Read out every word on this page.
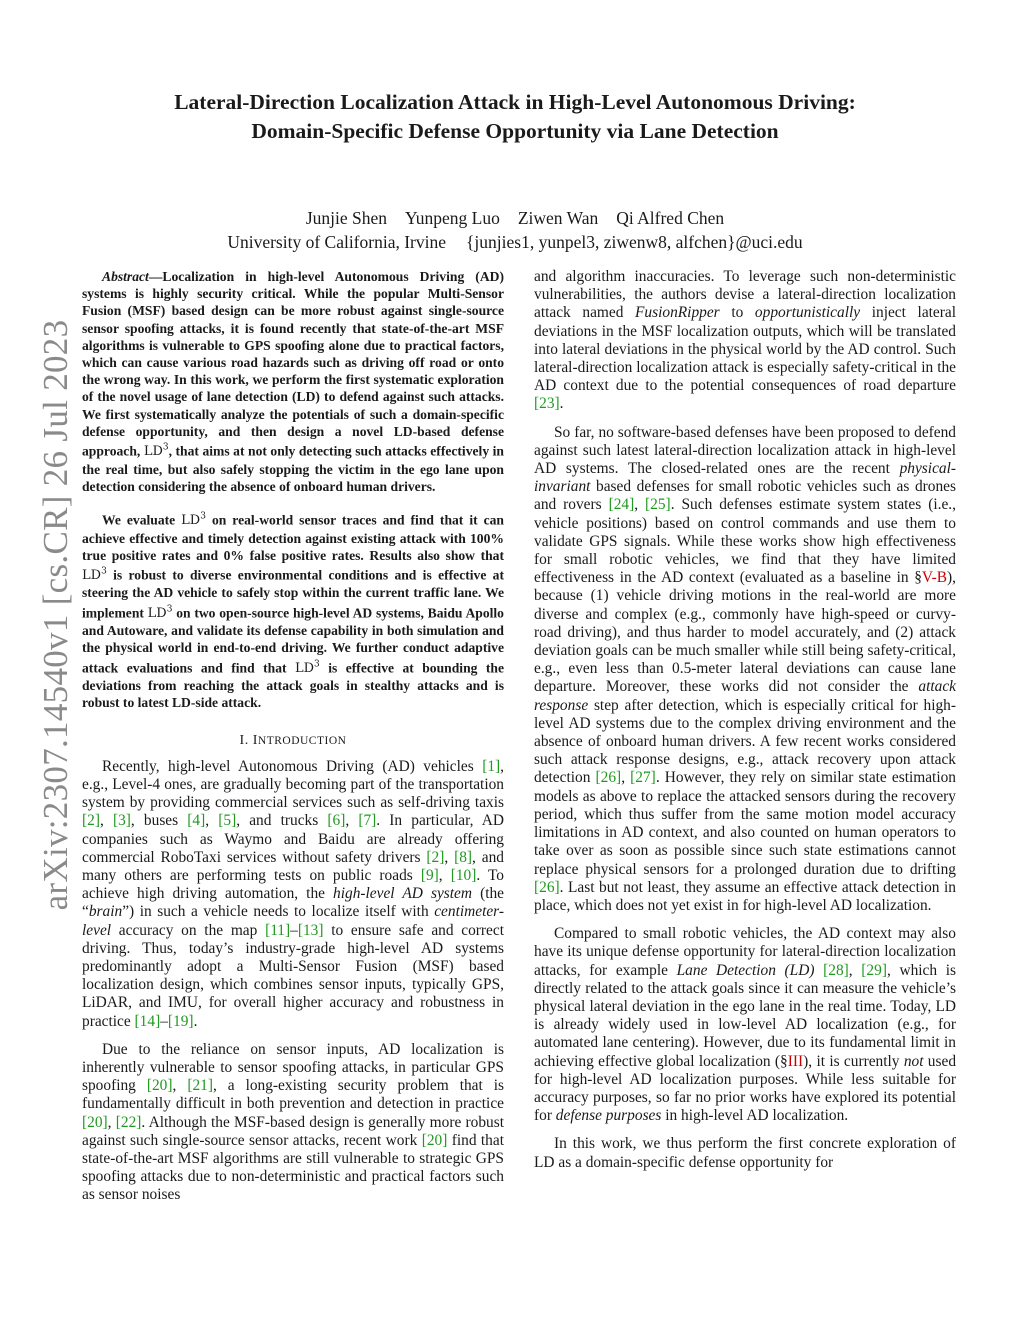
arXiv:2307.14540v1 [cs.CR] 26 Jul 2023
Lateral-Direction Localization Attack in High-Level Autonomous Driving:
Domain-Specific Defense Opportunity via Lane Detection
Junjie Shen Yunpeng Luo Ziwen Wan Qi Alfred Chen
University of California, Irvine {junjies1, yunpel3, ziwenw8, alfchen}@uci.edu
Abstract—Localization in high-level Autonomous Driving (AD) systems is highly security critical. While the popular Multi-Sensor Fusion (MSF) based design can be more robust against single-source sensor spoofing attacks, it is found recently that state-of-the-art MSF algorithms is vulnerable to GPS spoofing alone due to practical factors, which can cause various road hazards such as driving off road or onto the wrong way. In this work, we perform the first systematic exploration of the novel usage of lane detection (LD) to defend against such attacks. We first systematically analyze the potentials of such a domain-specific defense opportunity, and then design a novel LD-based defense approach, $LD^3$, that aims at not only detecting such attacks effectively in the real time, but also safely stopping the victim in the ego lane upon detection considering the absence of onboard human drivers.
We evaluate $LD^3$ on real-world sensor traces and find that it can achieve effective and timely detection against existing attack with 100% true positive rates and 0% false positive rates. Results also show that $LD^3$ is robust to diverse environmental conditions and is effective at steering the AD vehicle to safely stop within the current traffic lane. We implement $LD^3$ on two open-source high-level AD systems, Baidu Apollo and Autoware, and validate its defense capability in both simulation and the physical world in end-to-end driving. We further conduct adaptive attack evaluations and find that $LD^3$ is effective at bounding the deviations from reaching the attack goals in stealthy attacks and is robust to latest LD-side attack.
I. INTRODUCTION

Recently, high-level Autonomous Driving (AD) vehicles [1], e.g., Level-4 ones, are gradually becoming part of the transportation system by providing commercial services such as self-driving taxis [2], [3], buses [4], [5], and trucks [6], [7]. In particular, AD companies such as Waymo and Baidu are already offering commercial RoboTaxi services without safety drivers [2], [8], and many others are performing tests on public roads [9], [10]. To achieve high driving automation, the high-level AD system (the “brain”) in such a vehicle needs to localize itself with centimeter-level accuracy on the map [11]–[13] to ensure safe and correct driving. Thus, today’s industry-grade high-level AD systems predominantly adopt a Multi-Sensor Fusion (MSF) based localization design, which combines sensor inputs, typically GPS, LiDAR, and IMU, for overall higher accuracy and robustness in practice [14]–[19].

Due to the reliance on sensor inputs, AD localization is inherently vulnerable to sensor spoofing attacks, in particular GPS spoofing [20], [21], a long-existing security problem that is fundamentally difficult in both prevention and detection in practice [20], [22]. Although the MSF-based design is generally more robust against such single-source sensor attacks, recent work [20] find that state-of-the-art MSF algorithms are still vulnerable to strategic GPS spoofing attacks due to non-deterministic and practical factors such as sensor noises

and algorithm inaccuracies. To leverage such non-deterministic vulnerabilities, the authors devise a lateral-direction localization attack named FusionRipper to opportunistically inject lateral deviations in the MSF localization outputs, which will be translated into lateral deviations in the physical world by the AD control. Such lateral-direction localization attack is especially safety-critical in the AD context due to the potential consequences of road departure [23].

So far, no software-based defenses have been proposed to defend against such latest lateral-direction localization attack in high-level AD systems. The closed-related ones are the recent physical-invariant based defenses for small robotic vehicles such as drones and rovers [24], [25]. Such defenses estimate system states (i.e., vehicle positions) based on control commands and use them to validate GPS signals. While these works show high effectiveness for small robotic vehicles, we find that they have limited effectiveness in the AD context (evaluated as a baseline in §V-B), because (1) vehicle driving motions in the real-world are more diverse and complex (e.g., commonly have high-speed or curvy-road driving), and thus harder to model accurately, and (2) attack deviation goals can be much smaller while still being safety-critical, e.g., even less than 0.5-meter lateral deviations can cause lane departure. Moreover, these works did not consider the attack response step after detection, which is especially critical for high-level AD systems due to the complex driving environment and the absence of onboard human drivers. A few recent works considered such attack response designs, e.g., attack recovery upon attack detection [26], [27]. However, they rely on similar state estimation models as above to replace the attacked sensors during the recovery period, which thus suffer from the same motion model accuracy limitations in AD context, and also counted on human operators to take over as soon as possible since such state estimations cannot replace physical sensors for a prolonged duration due to drifting [26]. Last but not least, they assume an effective attack detection in place, which does not yet exist in for high-level AD localization.

Compared to small robotic vehicles, the AD context may also have its unique defense opportunity for lateral-direction localization attacks, for example Lane Detection (LD) [28], [29], which is directly related to the attack goals since it can measure the vehicle’s physical lateral deviation in the ego lane in the real time. Today, LD is already widely used in low-level AD localization (e.g., for automated lane centering). However, due to its fundamental limit in achieving effective global localization (§III), it is currently not used for high-level AD localization purposes. While less suitable for accuracy purposes, so far no prior works have explored its potential for defense purposes in high-level AD localization.

In this work, we thus perform the first concrete exploration of LD as a domain-specific defense opportunity for
